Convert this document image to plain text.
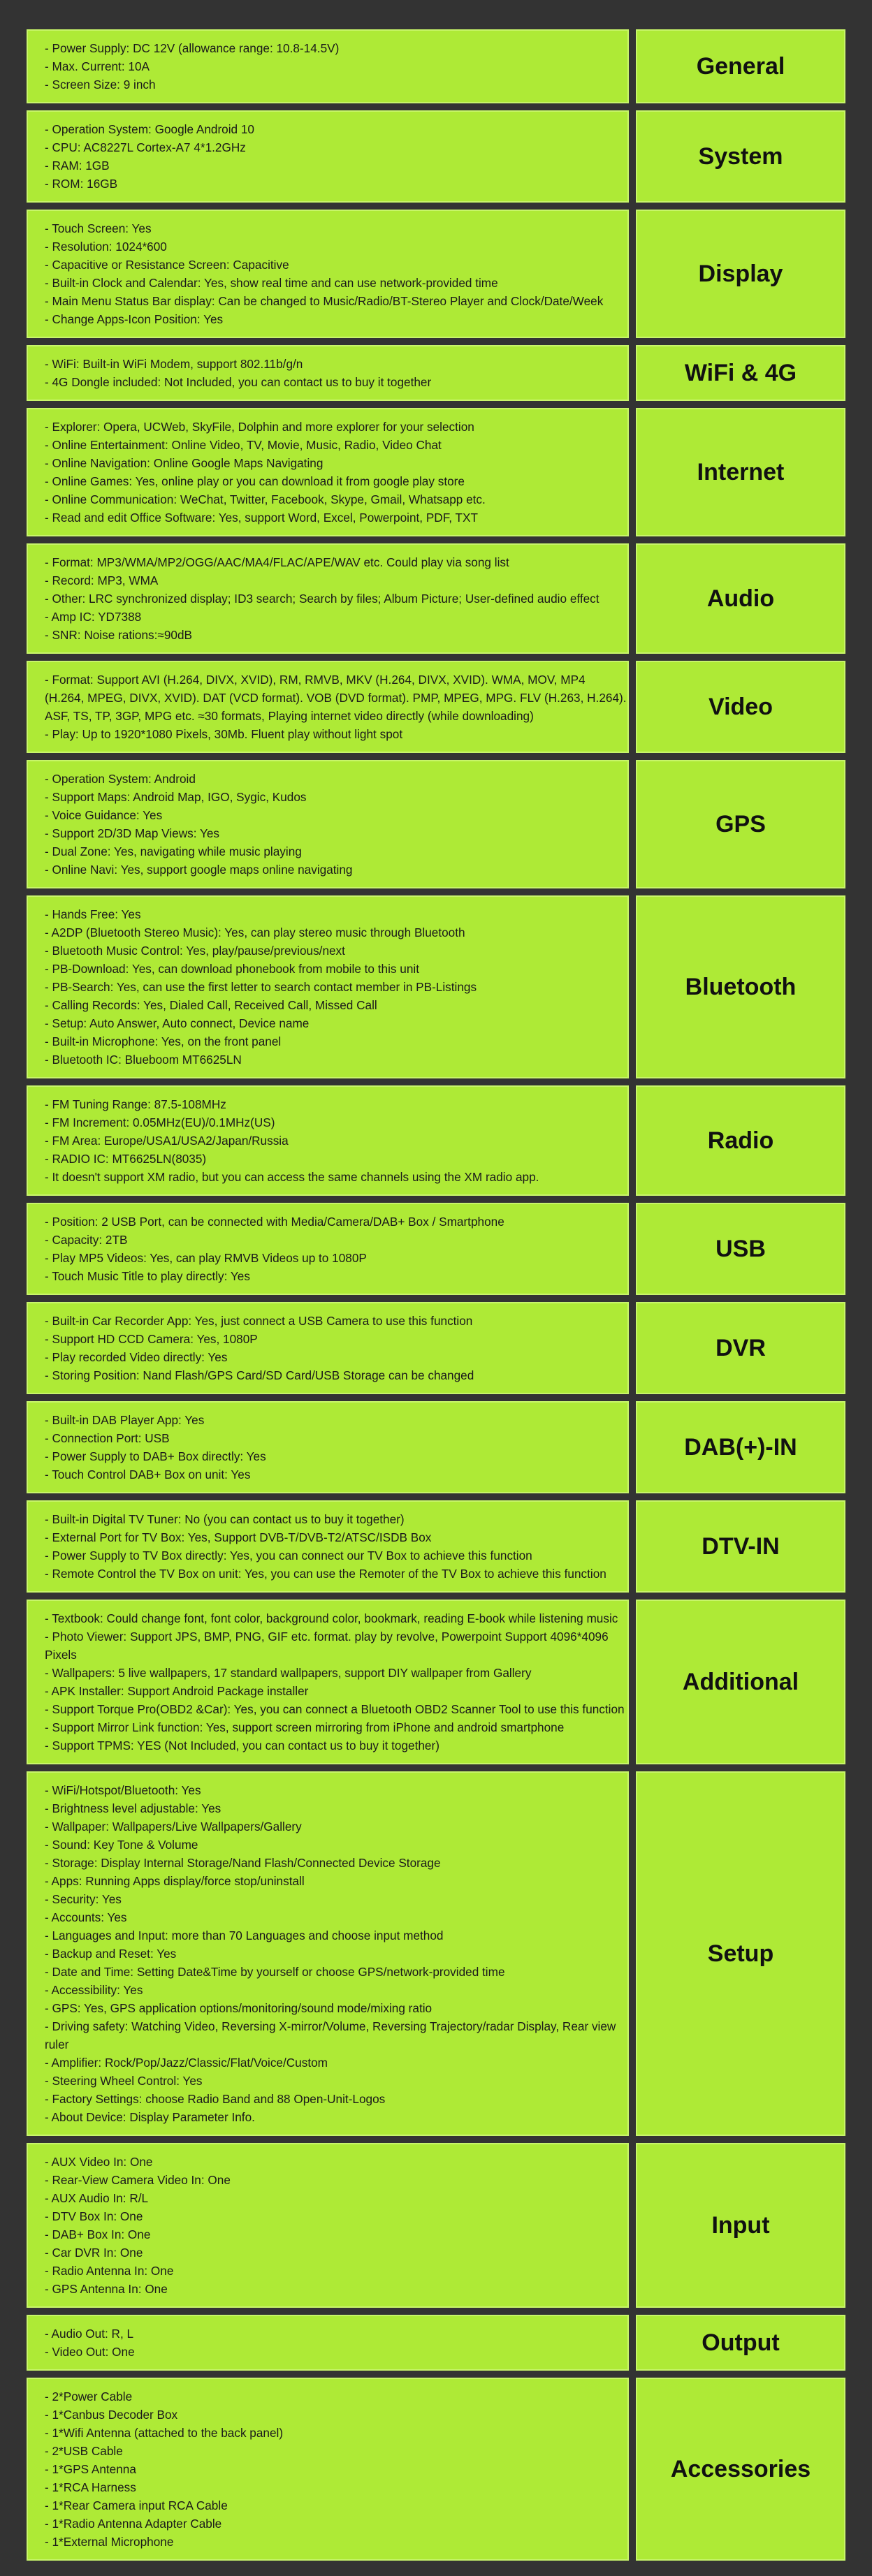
- Power Supply: DC 12V (allowance range: 10.8-14.5V)
- Max. Current: 10A
- Screen Size: 9 inch
General
- Operation System: Google Android 10
- CPU: AC8227L Cortex-A7 4*1.2GHz
- RAM: 1GB
- ROM: 16GB
System
- Touch Screen: Yes
- Resolution: 1024*600
- Capacitive or Resistance Screen: Capacitive
- Built-in Clock and Calendar: Yes, show real time and can use network-provided time
- Main Menu Status Bar display: Can be changed to Music/Radio/BT-Stereo Player and Clock/Date/Week
- Change Apps-Icon Position: Yes
Display
- WiFi: Built-in WiFi Modem, support 802.11b/g/n
- 4G Dongle included: Not Included, you can contact us to buy it together	WiFi & 4G
- Explorer: Opera, UCWeb, SkyFile, Dolphin and more explorer for your selection
- Online Entertainment: Online Video, TV, Movie, Music, Radio, Video Chat
- Online Navigation: Online Google Maps Navigating
- Online Games: Yes, online play or you can download it from google play store
- Online Communication: WeChat, Twitter, Facebook, Skype, Gmail, Whatsapp etc.
- Read and edit Office Software: Yes, support Word, Excel, Powerpoint, PDF, TXT
Internet
- Format: MP3/WMA/MP2/OGG/AAC/MA4/FLAC/APE/WAV etc. Could play via song list
- Record: MP3, WMA
- Other: LRC synchronized display; ID3 search; Search by files; Album Picture; User-defined audio effect
- Amp IC: YD7388
- SNR: Noise rations:≈90dB
Audio
- Format: Support AVI (H.264, DIVX, XVID), RM, RMVB, MKV (H.264, DIVX, XVID). WMA, MOV, MP4 (H.264, MPEG, DIVX, XVID). DAT (VCD format). VOB (DVD format). PMP, MPEG, MPG. FLV (H.263, H.264). ASF, TS, TP, 3GP, MPG etc. ≈30 formats, Playing internet video directly (while downloading)
- Play: Up to 1920*1080 Pixels, 30Mb. Fluent play without light spot
Video
- Operation System: Android
- Support Maps: Android Map, IGO, Sygic, Kudos
- Voice Guidance: Yes
- Support 2D/3D Map Views: Yes
- Dual Zone: Yes, navigating while music playing
- Online Navi: Yes, support google maps online navigating
GPS
- Hands Free: Yes
- A2DP (Bluetooth Stereo Music): Yes, can play stereo music through Bluetooth
- Bluetooth Music Control: Yes, play/pause/previous/next
- PB-Download: Yes, can download phonebook from mobile to this unit
- PB-Search: Yes, can use the first letter to search contact member in PB-Listings
- Calling Records: Yes, Dialed Call, Received Call, Missed Call
- Setup: Auto Answer, Auto connect, Device name
- Built-in Microphone: Yes, on the front panel
- Bluetooth IC: Blueboom MT6625LN
Bluetooth
- FM Tuning Range: 87.5-108MHz
- FM Increment: 0.05MHz(EU)/0.1MHz(US)
- FM Area: Europe/USA1/USA2/Japan/Russia
- RADIO IC: MT6625LN(8035)
- It doesn't support XM radio, but you can access the same channels using the XM radio app.
Radio
- Position: 2 USB Port, can be connected with Media/Camera/DAB+ Box / Smartphone
- Capacity: 2TB
- Play MP5 Videos: Yes, can play RMVB Videos up to 1080P
- Touch Music Title to play directly: Yes
USB
- Built-in Car Recorder App: Yes, just connect a USB Camera to use this function
- Support HD CCD Camera: Yes, 1080P
- Play recorded Video directly: Yes
- Storing Position: Nand Flash/GPS Card/SD Card/USB Storage can be changed
DVR
- Built-in DAB Player App: Yes
- Connection Port: USB
- Power Supply to DAB+ Box directly: Yes
- Touch Control DAB+ Box on unit: Yes
DAB(+)-IN
- Built-in Digital TV Tuner: No (you can contact us to buy it together)
- External Port for TV Box: Yes, Support DVB-T/DVB-T2/ATSC/ISDB Box
- Power Supply to TV Box directly: Yes, you can connect our TV Box to achieve this function
- Remote Control the TV Box on unit: Yes, you can use the Remoter of the TV Box to achieve this function
DTV-IN
- Textbook: Could change font, font color, background color, bookmark, reading E-book while listening music
- Photo Viewer: Support JPS, BMP, PNG, GIF etc. format. play by revolve, Powerpoint Support 4096*4096 Pixels
- Wallpapers: 5 live wallpapers, 17 standard wallpapers, support DIY wallpaper from Gallery
- APK Installer: Support Android Package installer
- Support Torque Pro(OBD2 &Car): Yes, you can connect a Bluetooth OBD2 Scanner Tool to use this function
- Support Mirror Link function: Yes, support screen mirroring from iPhone and android smartphone
- Support TPMS: YES (Not Included, you can contact us to buy it together)
Additional
- WiFi/Hotspot/Bluetooth: Yes
- Brightness level adjustable: Yes
- Wallpaper: Wallpapers/Live Wallpapers/Gallery
- Sound: Key Tone & Volume
- Storage: Display Internal Storage/Nand Flash/Connected Device Storage
- Apps: Running Apps display/force stop/uninstall
- Security: Yes
- Accounts: Yes
- Languages and Input: more than 70 Languages and choose input method
- Backup and Reset: Yes
- Date and Time: Setting Date&Time by yourself or choose GPS/network-provided time
- Accessibility: Yes
- GPS: Yes, GPS application options/monitoring/sound mode/mixing ratio
- Driving safety: Watching Video, Reversing X-mirror/Volume, Reversing Trajectory/radar Display, Rear view ruler
- Amplifier: Rock/Pop/Jazz/Classic/Flat/Voice/Custom
- Steering Wheel Control: Yes
- Factory Settings: choose Radio Band and 88 Open-Unit-Logos
- About Device: Display Parameter Info.
Setup
- AUX Video In: One
- Rear-View Camera Video In: One
- AUX Audio In: R/L
- DTV Box In: One
- DAB+ Box In: One
- Car DVR In: One
- Radio Antenna In: One
- GPS Antenna In: One
Input
- Audio Out: R, L
- Video Out: One	Output
- 2*Power Cable
- 1*Canbus Decoder Box
- 1*Wifi Antenna (attached to the back panel)
- 2*USB Cable
- 1*GPS Antenna
- 1*RCA Harness
- 1*Rear Camera input RCA Cable
- 1*Radio Antenna Adapter Cable
- 1*External Microphone
Accessories
